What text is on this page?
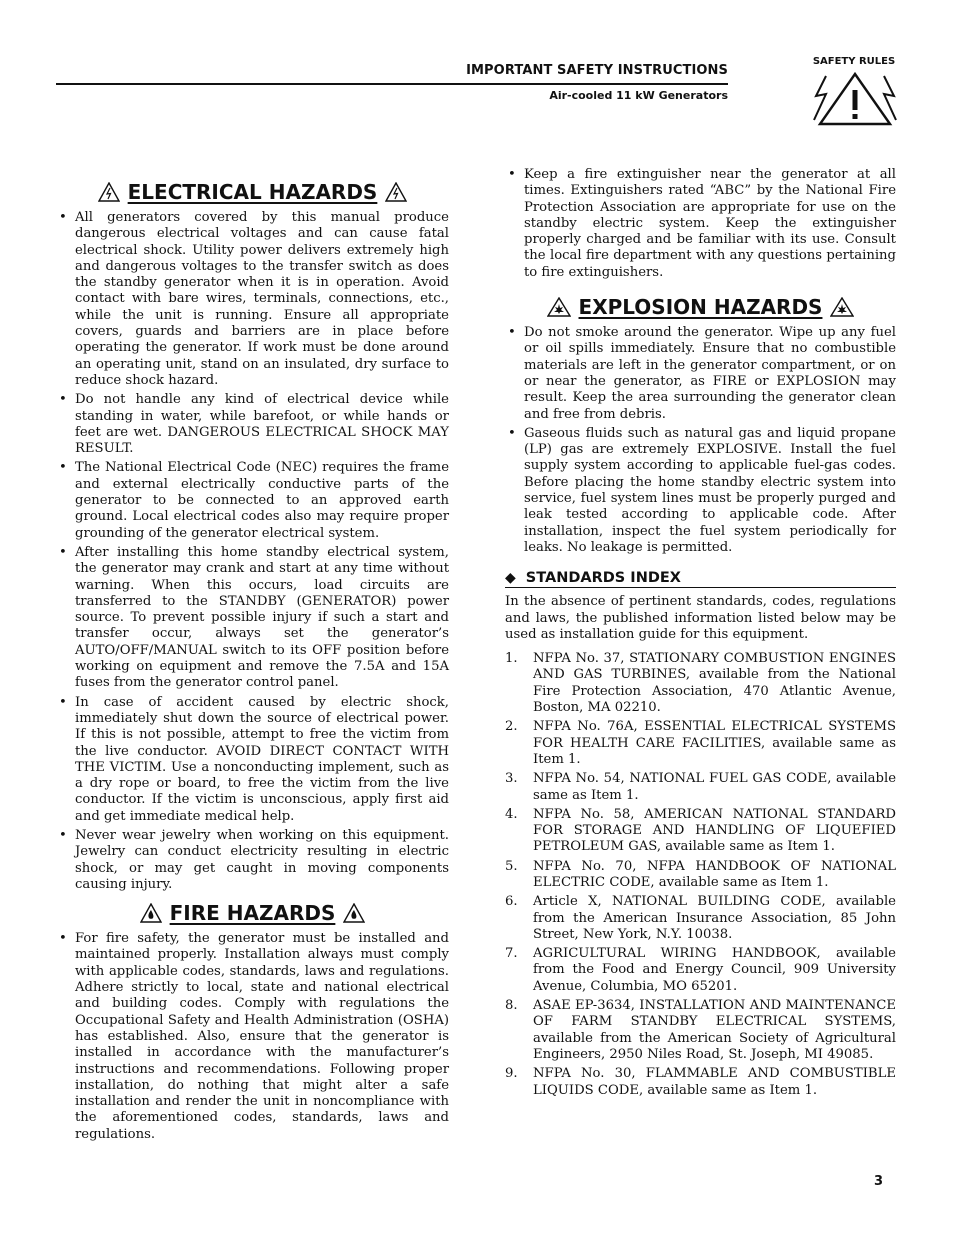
IMPORTANT SAFETY INSTRUCTIONS
Air-cooled 11 kW Generators
SAFETY RULES
ELECTRICAL HAZARDS
• All generators covered by this manual produce dangerous electrical voltages and can cause fatal electrical shock. Utility power delivers extremely high and dangerous voltages to the transfer switch as does the standby generator when it is in operation. Avoid contact with bare wires, terminals, connections, etc., while the unit is running. Ensure all appropriate covers, guards and barriers are in place before operating the generator. If work must be done around an operating unit, stand on an insulated, dry surface to reduce shock hazard.
• Do not handle any kind of electrical device while standing in water, while barefoot, or while hands or feet are wet. DANGEROUS ELECTRICAL SHOCK MAY RESULT.
• The National Electrical Code (NEC) requires the frame and external electrically conductive parts of the generator to be connected to an approved earth ground. Local electrical codes also may require proper grounding of the generator electrical system.
• After installing this home standby electrical system, the generator may crank and start at any time without warning. When this occurs, load circuits are transferred to the STANDBY (GENERATOR) power source. To prevent possible injury if such a start and transfer occur, always set the generator’s AUTO/OFF/MANUAL switch to its OFF position before working on equipment and remove the 7.5A and 15A fuses from the generator control panel.
• In case of accident caused by electric shock, immediately shut down the source of electrical power. If this is not possible, attempt to free the victim from the live conductor. AVOID DIRECT CONTACT WITH THE VICTIM. Use a nonconducting implement, such as a dry rope or board, to free the victim from the live conductor. If the victim is unconscious, apply first aid and get immediate medical help.
• Never wear jewelry when working on this equipment. Jewelry can conduct electricity resulting in electric shock, or may get caught in moving components causing injury.
FIRE HAZARDS
• For fire safety, the generator must be installed and maintained properly. Installation always must comply with applicable codes, standards, laws and regulations. Adhere strictly to local, state and national electrical and building codes. Comply with regulations the Occupational Safety and Health Administration (OSHA) has established. Also, ensure that the generator is installed in accordance with the manufacturer’s instructions and recommendations. Following proper installation, do nothing that might alter a safe installation and render the unit in noncompliance with the aforementioned codes, standards, laws and regulations.
• Keep a fire extinguisher near the generator at all times. Extinguishers rated “ABC” by the National Fire Protection Association are appropriate for use on the standby electric system. Keep the extinguisher properly charged and be familiar with its use. Consult the local fire department with any questions pertaining to fire extinguishers.
EXPLOSION HAZARDS
• Do not smoke around the generator. Wipe up any fuel or oil spills immediately. Ensure that no combustible materials are left in the generator compartment, or on or near the generator, as FIRE or EXPLOSION may result. Keep the area surrounding the generator clean and free from debris.
• Gaseous fluids such as natural gas and liquid propane (LP) gas are extremely EXPLOSIVE. Install the fuel supply system according to applicable fuel-gas codes. Before placing the home standby electric system into service, fuel system lines must be properly purged and leak tested according to applicable code. After installation, inspect the fuel system periodically for leaks. No leakage is permitted.
◆ STANDARDS INDEX

In the absence of pertinent standards, codes, regulations and laws, the published information listed below may be used as installation guide for this equipment.

1. NFPA No. 37, STATIONARY COMBUSTION ENGINES AND GAS TURBINES, available from the National Fire Protection Association, 470 Atlantic Avenue, Boston, MA 02210.
2. NFPA No. 76A, ESSENTIAL ELECTRICAL SYSTEMS FOR HEALTH CARE FACILITIES, available same as Item 1.
3. NFPA No. 54, NATIONAL FUEL GAS CODE, available same as Item 1.
4. NFPA No. 58, AMERICAN NATIONAL STANDARD FOR STORAGE AND HANDLING OF LIQUEFIED PETROLEUM GAS, available same as Item 1.
5. NFPA No. 70, NFPA HANDBOOK OF NATIONAL ELECTRIC CODE, available same as Item 1.
6. Article X, NATIONAL BUILDING CODE, available from the American Insurance Association, 85 John Street, New York, N.Y. 10038.
7. AGRICULTURAL WIRING HANDBOOK, available from the Food and Energy Council, 909 University Avenue, Columbia, MO 65201.
8. ASAE EP-3634, INSTALLATION AND MAINTENANCE OF FARM STANDBY ELECTRICAL SYSTEMS, available from the American Society of Agricultural Engineers, 2950 Niles Road, St. Joseph, MI 49085.
9. NFPA No. 30, FLAMMABLE AND COMBUSTIBLE LIQUIDS CODE, available same as Item 1.
3
